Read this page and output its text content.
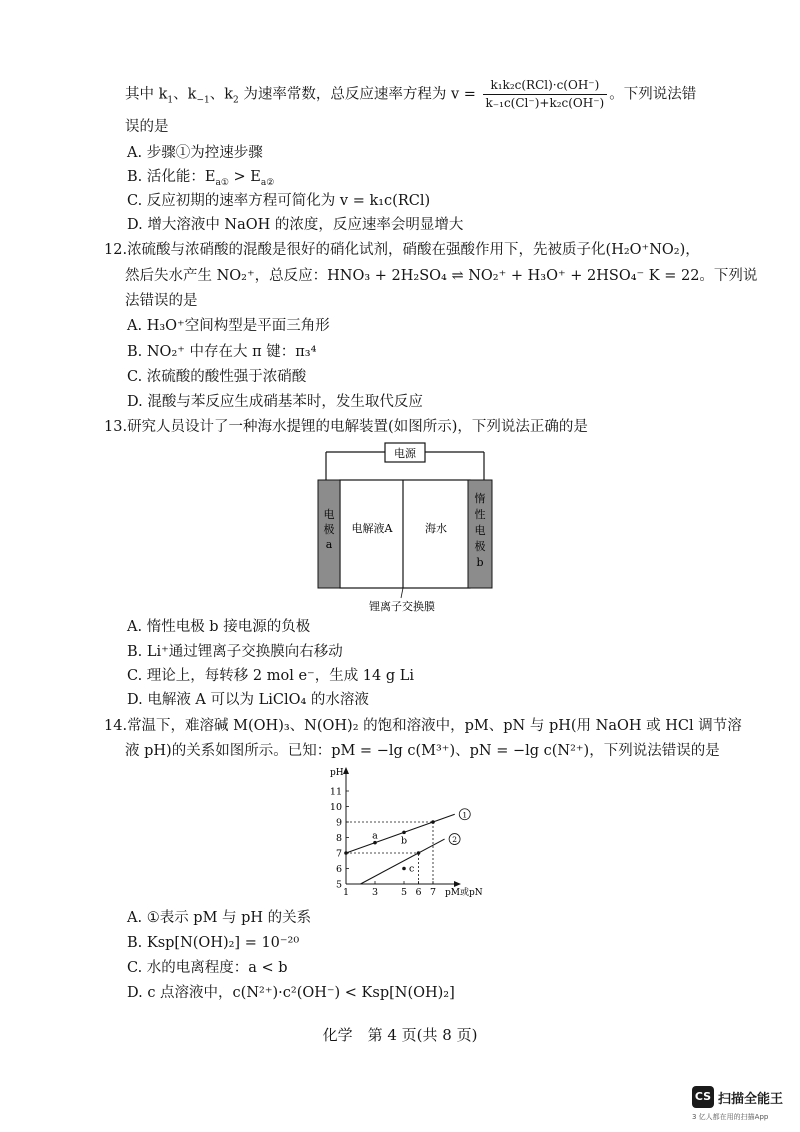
其中 $k_1$、$k_{-1}$、$k_2$ 为速率常数，总反应速率方程为 $v = \frac{\text{k₁k₂c(RCl)·c(OH⁻)}}{\text{k₋₁c(Cl⁻)+k₂c(OH⁻)}}$ 。下列说法错
误的是
A. 步骤①为控速步骤
B. 活化能：$E_{a①} > E_{a②}$
C. 反应初期的速率方程可简化为 v = k₁c(RCl)
D. 增大溶液中 NaOH 的浓度，反应速率会明显增大
12.浓硫酸与浓硝酸的混酸是很好的硝化试剂，硝酸在强酸作用下，先被质子化(H₂O⁺NO₂)，
然后失水产生 NO₂⁺，总反应：HNO₃ + 2H₂SO₄ ⇌ NO₂⁺ + H₃O⁺ + 2HSO₄⁻ K = 22。下列说
法错误的是
A. H₃O⁺空间构型是平面三角形
B. NO₂⁺ 中存在大 π 键：π₃⁴
C. 浓硫酸的酸性强于浓硝酸
D. 混酸与苯反应生成硝基苯时，发生取代反应
13.研究人员设计了一种海水提锂的电解装置(如图所示)，下列说法正确的是
电源
电
极
a
电解液A	海水
惰
性
电
极
b
锂离子交换膜
A. 惰性电极 b 接电源的负极
B. Li⁺通过锂离子交换膜向右移动
C. 理论上，每转移 2 mol e⁻，生成 14 g Li
D. 电解液 A 可以为 LiClO₄ 的水溶液
14.常温下，难溶碱 M(OH)₃、N(OH)₂ 的饱和溶液中，pM、pN 与 pH(用 NaOH 或 HCl 调节溶
液 pH)的关系如图所示。已知：pM = −lg c(M³⁺)、pN = −lg c(N²⁺)，下列说法错误的是
pH
pM或pN
5
6
7
8
9
10
11
1 3 5 6 7
1
2
a b
c
A. ①表示 pM 与 pH 的关系
B. Ksp[N(OH)₂] = 10⁻²⁰
C. 水的电离程度：a < b
D. c 点溶液中，c(N²⁺)·c²(OH⁻) < Ksp[N(OH)₂]
化学　第 4 页(共 8 页)
CS 扫描全能王
3 亿人都在用的扫描App
